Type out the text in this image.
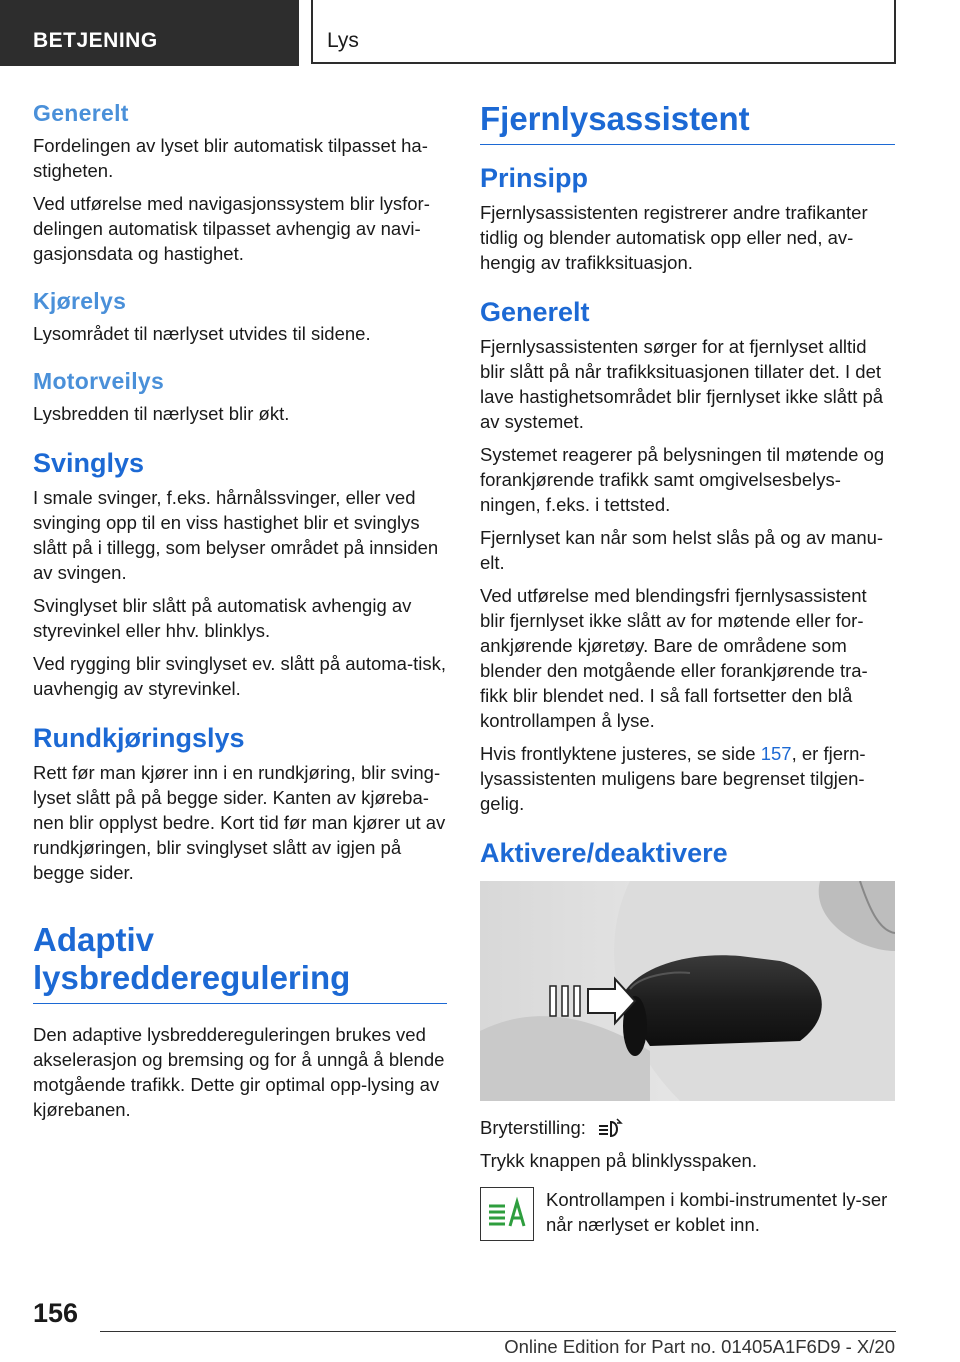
BETJENING	Lys
Generelt

Fordelingen av lyset blir automatisk tilpasset ha-stigheten.

Ved utførelse med navigasjonssystem blir lysfor-delingen automatisk tilpasset avhengig av navi-gasjonsdata og hastighet.

Kjørelys

Lysområdet til nærlyset utvides til sidene.

Motorveilys

Lysbredden til nærlyset blir økt.

Svinglys

I smale svinger, f.eks. hårnålssvinger, eller ved svinging opp til en viss hastighet blir et svinglys slått på i tillegg, som belyser området på innsiden av svingen.

Svinglyset blir slått på automatisk avhengig av styrevinkel eller hhv. blinklys.

Ved rygging blir svinglyset ev. slått på automa-tisk, uavhengig av styrevinkel.

Rundkjøringslys

Rett før man kjører inn i en rundkjøring, blir sving-lyset slått på på begge sider. Kanten av kjøreba-nen blir opplyst bedre. Kort tid før man kjører ut av rundkjøringen, blir svinglyset slått av igjen på begge sider.

Adaptiv
lysbredderegulering

Den adaptive lysbreddereguleringen brukes ved akselerasjon og bremsing og for å unngå å blende motgående trafikk. Dette gir optimal opp-lysing av kjørebanen.

Fjernlysassistent
Prinsipp

Fjernlysassistenten registrerer andre trafikanter tidlig og blender automatisk opp eller ned, av-hengig av trafikksituasjon.

Generelt

Fjernlysassistenten sørger for at fjernlyset alltid blir slått på når trafikksituasjonen tillater det. I det lave hastighetsområdet blir fjernlyset ikke slått på av systemet.

Systemet reagerer på belysningen til møtende og forankjørende trafikk samt omgivelsesbelys-ningen, f.eks. i tettsted.

Fjernlyset kan når som helst slås på og av manu-elt.

Ved utførelse med blendingsfri fjernlysassistent blir fjernlyset ikke slått av for møtende eller for-ankjørende kjøretøy. Bare de områdene som blender den motgående eller forankjørende tra-fikk blir blendet ned. I så fall fortsetter den blå kontrollampen å lyse.

Hvis frontlyktene justeres, se side 157, er fjern-lysassistenten muligens bare begrenset tilgjen-gelig.

Aktivere/deaktivere

Bryterstilling:

Trykk knappen på blinklysspaken.

Kontrollampen i kombi-instrumentet ly-ser når nærlyset er koblet inn.

156
Online Edition for Part no. 01405A1F6D9 - X/20
